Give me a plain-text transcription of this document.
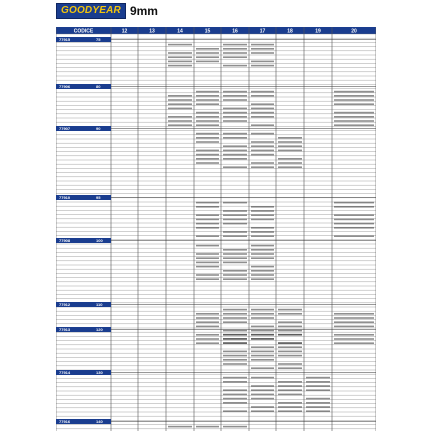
GOODYEAR 9mm
CODICE	12	13	14	15	16	17	18	19	20
77915	75
77906	80
77907	90
77910	95
77908	100
77912	110
77913	120
77914	130
77916	140
